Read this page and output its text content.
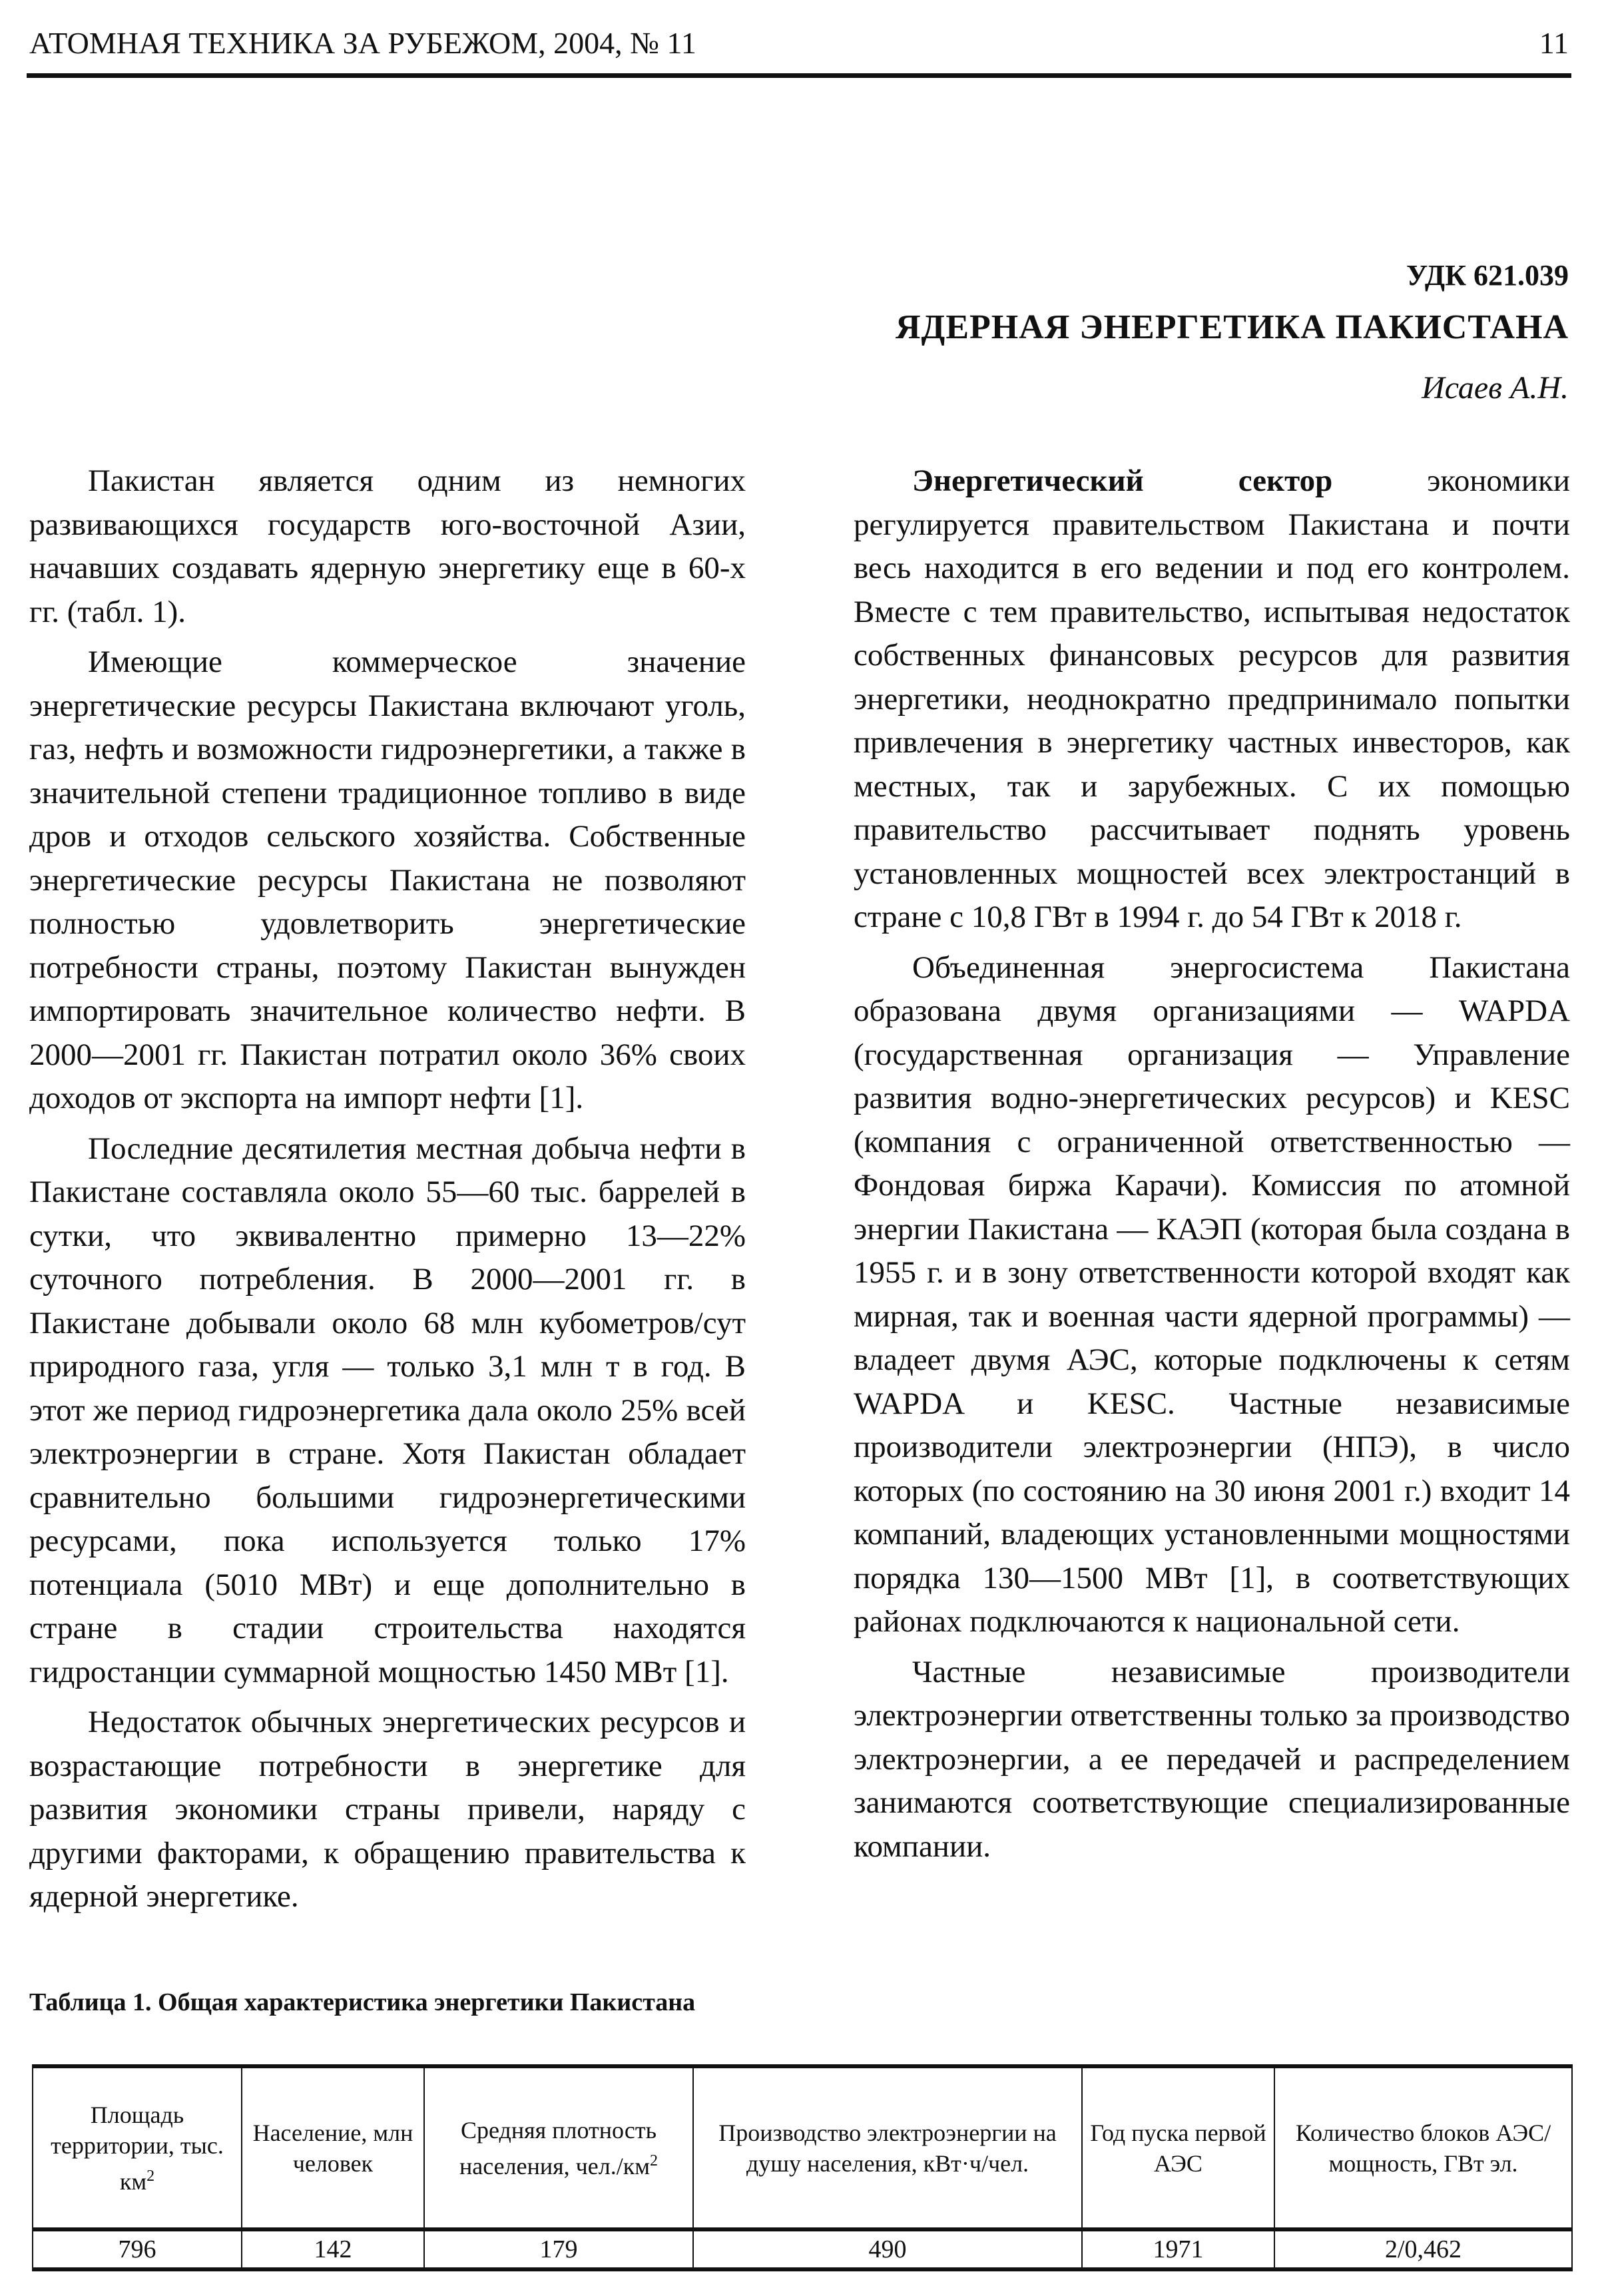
АТОМНАЯ ТЕХНИКА ЗА РУБЕЖОМ, 2004, № 11	11
УДК 621.039
ЯДЕРНАЯ ЭНЕРГЕТИКА ПАКИСТАНА
Исаев А.Н.

Пакистан является одним из немногих развивающихся государств юго-восточной Азии, начавших создавать ядерную энергетику еще в 60-х гг. (табл. 1).

Имеющие коммерческое значение энергетические ресурсы Пакистана включают уголь, газ, нефть и возможности гидроэнергетики, а также в значительной степени традиционное топливо в виде дров и отходов сельского хозяйства. Собственные энергетические ресурсы Пакистана не позволяют полностью удовлетворить энергетические потребности страны, поэтому Пакистан вынужден импортировать значительное количество нефти. В 2000—2001 гг. Пакистан потратил около 36% своих доходов от экспорта на импорт нефти [1].

Последние десятилетия местная добыча нефти в Пакистане составляла около 55—60 тыс. баррелей в сутки, что эквивалентно примерно 13—22% суточного потребления. В 2000—2001 гг. в Пакистане добывали около 68 млн кубометров/сут природного газа, угля — только 3,1 млн т в год. В этот же период гидроэнергетика дала около 25% всей электроэнергии в стране. Хотя Пакистан обладает сравнительно большими гидроэнергетическими ресурсами, пока используется только 17% потенциала (5010 МВт) и еще дополнительно в стране в стадии строительства находятся гидростанции суммарной мощностью 1450 МВт [1].

Недостаток обычных энергетических ресурсов и возрастающие потребности в энергетике для развития экономики страны привели, наряду с другими факторами, к обращению правительства к ядерной энергетике.

Энергетический сектор экономики регулируется правительством Пакистана и почти весь находится в его ведении и под его контролем. Вместе с тем правительство, испытывая недостаток собственных финансовых ресурсов для развития энергетики, неоднократно предпринимало попытки привлечения в энергетику частных инвесторов, как местных, так и зарубежных. С их помощью правительство рассчитывает поднять уровень установленных мощностей всех электростанций в стране с 10,8 ГВт в 1994 г. до 54 ГВт к 2018 г.

Объединенная энергосистема Пакистана образована двумя организациями — WAPDA (государственная организация — Управление развития водно-энергетических ресурсов) и KESC (компания с ограниченной ответственностью — Фондовая биржа Карачи). Комиссия по атомной энергии Пакистана — КАЭП (которая была создана в 1955 г. и в зону ответственности которой входят как мирная, так и военная части ядерной программы) — владеет двумя АЭС, которые подключены к сетям WAPDA и KESC. Частные независимые производители электроэнергии (НПЭ), в число которых (по состоянию на 30 июня 2001 г.) входит 14 компаний, владеющих установленными мощностями порядка 130—1500 МВт [1], в соответствующих районах подключаются к национальной сети.

Частные независимые производители электроэнергии ответственны только за производство электроэнергии, а ее передачей и распределением занимаются соответствующие специализированные компании.

Таблица 1. Общая характеристика энергетики Пакистана
Площадь территории, тыс. $км^2$	Население, млн человек	Средняя плотность населения, $чел./км^2$	Производство электроэнергии на душу населения, кВт·ч/чел.	Год пуска первой АЭС	Количество блоков АЭС/мощность, ГВт эл.
796	142	179	490	1971	2/0,462
